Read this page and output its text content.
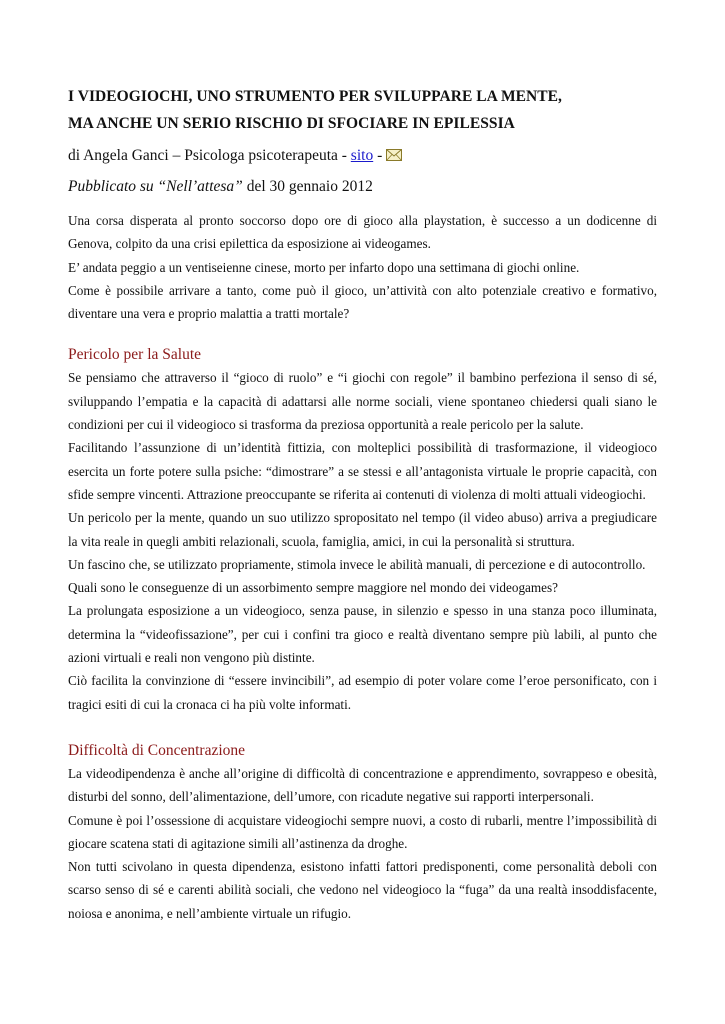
I VIDEOGIOCHI, UNO STRUMENTO PER SVILUPPARE LA MENTE,
MA ANCHE UN SERIO RISCHIO DI SFOCIARE IN EPILESSIA
di Angela Ganci – Psicologa psicoterapeuta - sito -
Pubblicato su “Nell’attesa” del 30 gennaio 2012

Una corsa disperata al pronto soccorso dopo ore di gioco alla playstation, è successo a un dodicenne di Genova, colpito da una crisi epilettica da esposizione ai videogames.

E’ andata peggio a un ventiseienne cinese, morto per infarto dopo una settimana di giochi online.

Come è possibile arrivare a tanto, come può il gioco, un’attività con alto potenziale creativo e formativo, diventare una vera e proprio malattia a tratti mortale?

Pericolo per la Salute

Se pensiamo che attraverso il “gioco di ruolo” e “i giochi con regole” il bambino perfeziona il senso di sé, sviluppando l’empatia e la capacità di adattarsi alle norme sociali, viene spontaneo chiedersi quali siano le condizioni per cui il videogioco si trasforma da preziosa opportunità a reale pericolo per la salute.

Facilitando l’assunzione di un’identità fittizia, con molteplici possibilità di trasformazione, il videogioco esercita un forte potere sulla psiche: “dimostrare” a se stessi e all’antagonista virtuale le proprie capacità, con sfide sempre vincenti. Attrazione preoccupante se riferita ai contenuti di violenza di molti attuali videogiochi.

Un pericolo per la mente, quando un suo utilizzo spropositato nel tempo (il video abuso) arriva a pregiudicare la vita reale in quegli ambiti relazionali, scuola, famiglia, amici, in cui la personalità si struttura.

Un fascino che, se utilizzato propriamente, stimola invece le abilità manuali, di percezione e di autocontrollo.

Quali sono le conseguenze di un assorbimento sempre maggiore nel mondo dei videogames?

La prolungata esposizione a un videogioco, senza pause, in silenzio e spesso in una stanza poco illuminata, determina la “videofissazione”, per cui i confini tra gioco e realtà diventano sempre più labili, al punto che azioni virtuali e reali non vengono più distinte.

Ciò facilita la convinzione di “essere invincibili”, ad esempio di poter volare come l’eroe personificato, con i tragici esiti di cui la cronaca ci ha più volte informati.

Difficoltà di Concentrazione

La videodipendenza è anche all’origine di difficoltà di concentrazione e apprendimento, sovrappeso e obesità, disturbi del sonno, dell’alimentazione, dell’umore, con ricadute negative sui rapporti interpersonali.

Comune è poi l’ossessione di acquistare videogiochi sempre nuovi, a costo di rubarli, mentre l’impossibilità di giocare scatena stati di agitazione simili all’astinenza da droghe.

Non tutti scivolano in questa dipendenza, esistono infatti fattori predisponenti, come personalità deboli con scarso senso di sé e carenti abilità sociali, che vedono nel videogioco la “fuga” da una realtà insoddisfacente, noiosa e anonima, e nell’ambiente virtuale un rifugio.
